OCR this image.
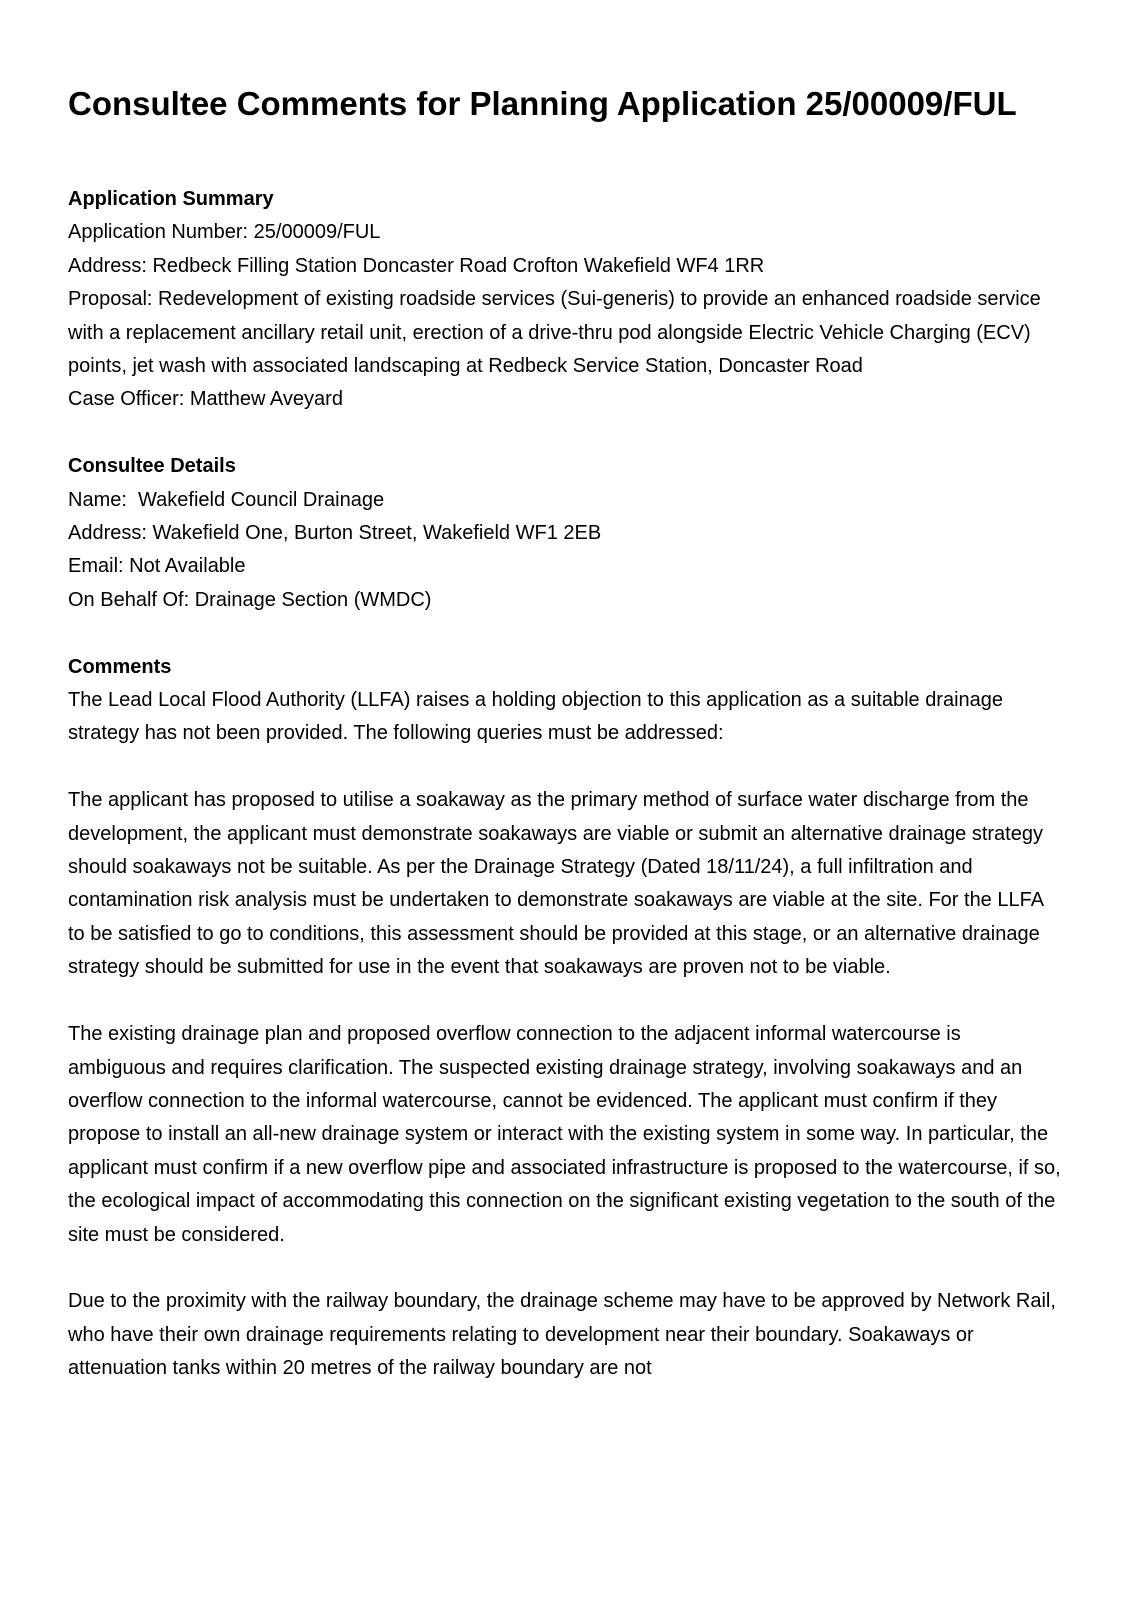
Consultee Comments for Planning Application 25/00009/FUL
Application Summary

Application Number: 25/00009/FUL

Address: Redbeck Filling Station Doncaster Road Crofton Wakefield WF4 1RR

Proposal: Redevelopment of existing roadside services (Sui-generis) to provide an enhanced roadside service with a replacement ancillary retail unit, erection of a drive-thru pod alongside Electric Vehicle Charging (ECV) points, jet wash with associated landscaping at Redbeck Service Station, Doncaster Road

Case Officer: Matthew Aveyard

Consultee Details

Name:  Wakefield Council Drainage

Address: Wakefield One, Burton Street, Wakefield WF1 2EB

Email: Not Available

On Behalf Of: Drainage Section (WMDC)

Comments

The Lead Local Flood Authority (LLFA) raises a holding objection to this application as a suitable drainage strategy has not been provided. The following queries must be addressed:

The applicant has proposed to utilise a soakaway as the primary method of surface water discharge from the development, the applicant must demonstrate soakaways are viable or submit an alternative drainage strategy should soakaways not be suitable. As per the Drainage Strategy (Dated 18/11/24), a full infiltration and contamination risk analysis must be undertaken to demonstrate soakaways are viable at the site. For the LLFA to be satisfied to go to conditions, this assessment should be provided at this stage, or an alternative drainage strategy should be submitted for use in the event that soakaways are proven not to be viable.

The existing drainage plan and proposed overflow connection to the adjacent informal watercourse is ambiguous and requires clarification. The suspected existing drainage strategy, involving soakaways and an overflow connection to the informal watercourse, cannot be evidenced. The applicant must confirm if they propose to install an all-new drainage system or interact with the existing system in some way. In particular, the applicant must confirm if a new overflow pipe and associated infrastructure is proposed to the watercourse, if so, the ecological impact of accommodating this connection on the significant existing vegetation to the south of the site must be considered.

Due to the proximity with the railway boundary, the drainage scheme may have to be approved by Network Rail, who have their own drainage requirements relating to development near their boundary. Soakaways or attenuation tanks within 20 metres of the railway boundary are not
